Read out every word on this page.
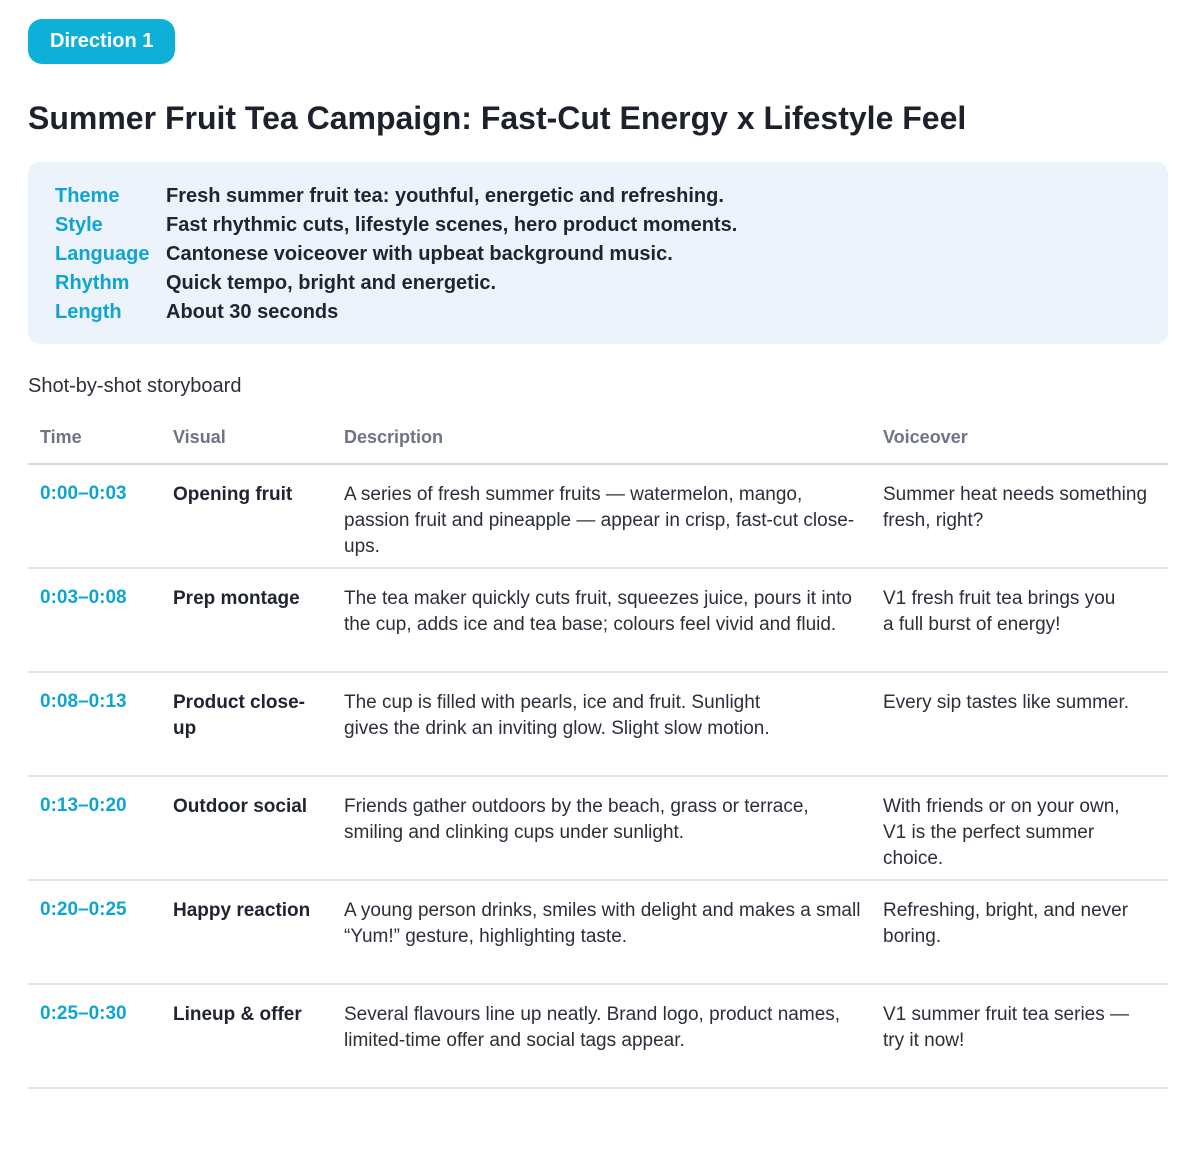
Direction 1
Summer Fruit Tea Campaign: Fast-Cut Energy x Lifestyle Feel
Theme	Fresh summer fruit tea: youthful, energetic and refreshing.
Style	Fast rhythmic cuts, lifestyle scenes, hero product moments.
Language Cantonese voiceover with upbeat background music.
Rhythm	Quick tempo, bright and energetic.
Length	About 30 seconds
Shot-by-shot storyboard
Time	Visual	Description	Voiceover
0:00–0:03	Opening fruit	A series of fresh summer fruits — watermelon, mango, passion fruit and pineapple — appear in crisp, fast-cut close-ups.	Summer heat needs something
fresh, right?
0:03–0:08	Prep montage	The tea maker quickly cuts fruit, squeezes juice, pours it into the cup, adds ice and tea base; colours feel vivid and fluid.	V1 fresh fruit tea brings you
a full burst of energy!
0:08–0:13	Product close-up	The cup is filled with pearls, ice and fruit. Sunlight
gives the drink an inviting glow. Slight slow motion.	Every sip tastes like summer.
0:13–0:20	Outdoor social	Friends gather outdoors by the beach, grass or terrace, smiling and clinking cups under sunlight.	With friends or on your own,
V1 is the perfect summer
choice.
0:20–0:25	Happy reaction	A young person drinks, smiles with delight and makes a small “Yum!” gesture, highlighting taste.	Refreshing, bright, and never
boring.
0:25–0:30	Lineup & offer	Several flavours line up neatly. Brand logo, product names, limited-time offer and social tags appear.	V1 summer fruit tea series —
try it now!
